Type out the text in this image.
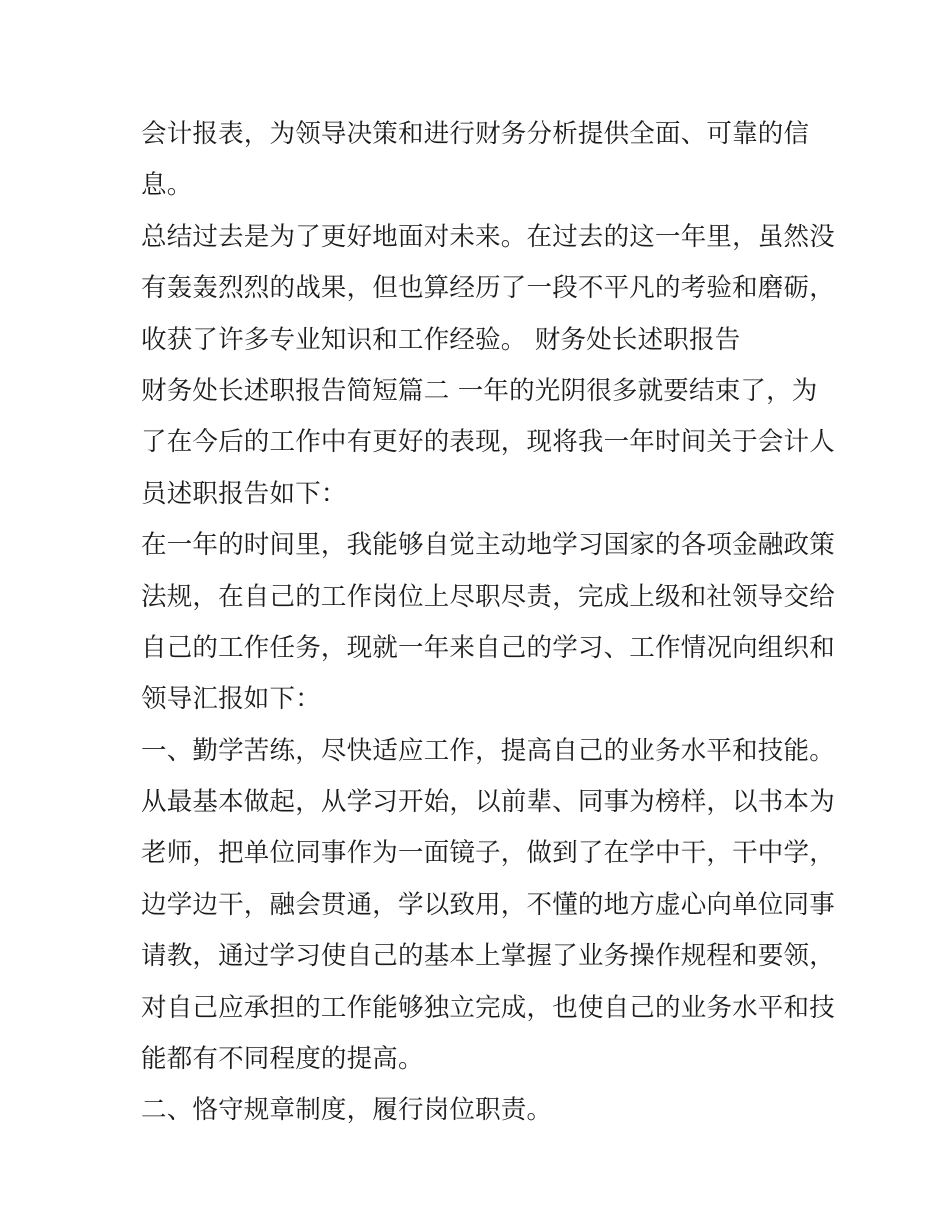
会计报表，为领导决策和进行财务分析提供全面、可靠的信
息。
总结过去是为了更好地面对未来。在过去的这一年里，虽然没
有轰轰烈烈的战果，但也算经历了一段不平凡的考验和磨砺，
收获了许多专业知识和工作经验。 财务处长述职报告
财务处长述职报告简短篇二 一年的光阴很多就要结束了，为
了在今后的工作中有更好的表现，现将我一年时间关于会计人
员述职报告如下：
在一年的时间里，我能够自觉主动地学习国家的各项金融政策
法规，在自己的工作岗位上尽职尽责，完成上级和社领导交给
自己的工作任务，现就一年来自己的学习、工作情况向组织和
领导汇报如下：
一、勤学苦练，尽快适应工作，提高自己的业务水平和技能。
从最基本做起，从学习开始，以前辈、同事为榜样，以书本为
老师，把单位同事作为一面镜子，做到了在学中干，干中学，
边学边干，融会贯通，学以致用，不懂的地方虚心向单位同事
请教，通过学习使自己的基本上掌握了业务操作规程和要领，
对自己应承担的工作能够独立完成，也使自己的业务水平和技
能都有不同程度的提高。
二、恪守规章制度，履行岗位职责。
